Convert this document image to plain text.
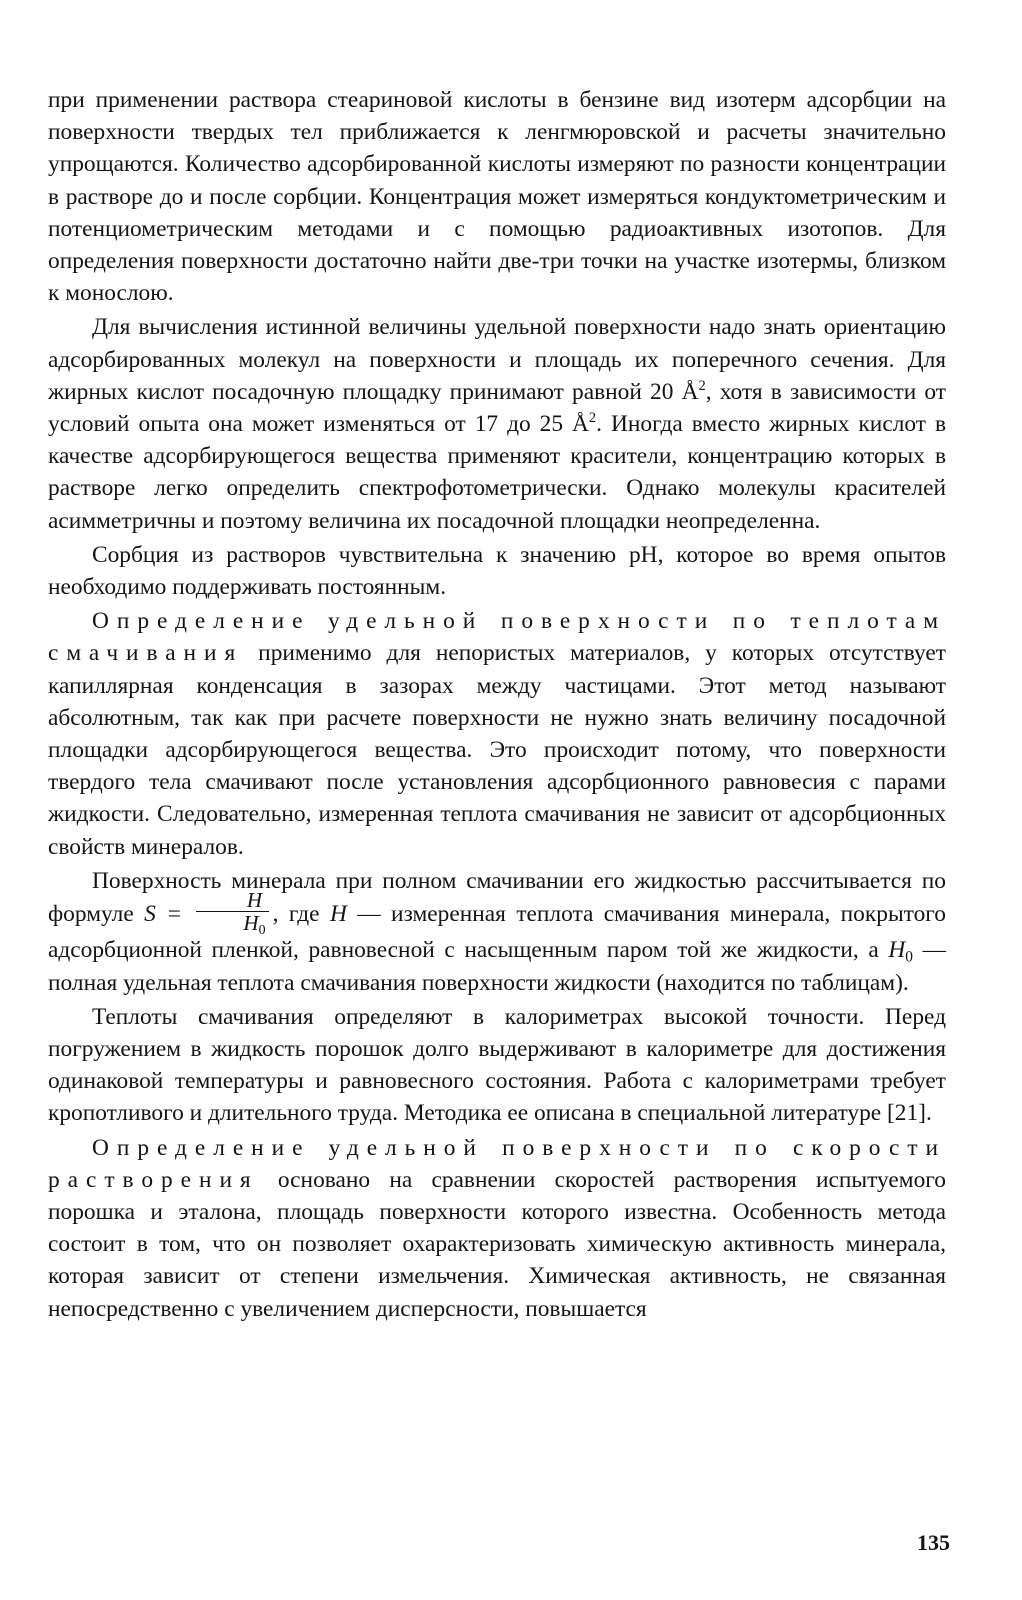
при применении раствора стеариновой кислоты в бензине вид изотерм адсорбции на поверхности твердых тел приближается к ленгмюровской и расчеты значительно упрощаются. Количество адсорбированной кислоты измеряют по разности концентрации в растворе до и после сорбции. Концентрация может измеряться кондуктометрическим и потенциометрическим методами и с помощью радиоактивных изотопов. Для определения поверхности достаточно найти две-три точки на участке изотермы, близком к монослою.

Для вычисления истинной величины удельной поверхности надо знать ориентацию адсорбированных молекул на поверхности и площадь их поперечного сечения. Для жирных кислот посадочную площадку принимают равной 20 $Å^2$, хотя в зависимости от условий опыта она может изменяться от 17 до 25 $Å^2$. Иногда вместо жирных кислот в качестве адсорбирующегося вещества применяют красители, концентрацию которых в растворе легко определить спектрофотометрически. Однако молекулы красителей асимметричны и поэтому величина их посадочной площадки неопределенна.

Сорбция из растворов чувствительна к значению рН, которое во время опытов необходимо поддерживать постоянным.

Определение удельной поверхности по теплотам смачивания применимо для непористых материалов, у которых отсутствует капиллярная конденсация в зазорах между частицами. Этот метод называют абсолютным, так как при расчете поверхности не нужно знать величину посадочной площадки адсорбирующегося вещества. Это происходит потому, что поверхности твердого тела смачивают после установления адсорбционного равновесия с парами жидкости. Следовательно, измеренная теплота смачивания не зависит от адсорбционных свойств минералов.

Поверхность минерала при полном смачивании его жидкостью рассчитывается по формуле $S = \frac{H}{H_0}$ , где H — измеренная теплота смачивания минерала, покрытого адсорбционной пленкой, равновесной с насыщенным паром той же жидкости, а $H_0$ — полная удельная теплота смачивания поверхности жидкости (находится по таблицам).

Теплоты смачивания определяют в калориметрах высокой точности. Перед погружением в жидкость порошок долго выдерживают в калориметре для достижения одинаковой температуры и равновесного состояния. Работа с калориметрами требует кропотливого и длительного труда. Методика ее описана в специальной литературе [21].

Определение удельной поверхности по скорости растворения основано на сравнении скоростей растворения испытуемого порошка и эталона, площадь поверхности которого известна. Особенность метода состоит в том, что он позволяет охарактеризовать химическую активность минерала, которая зависит от степени измельчения. Химическая активность, не связанная непосредственно с увеличением дисперсности, повышается

135
